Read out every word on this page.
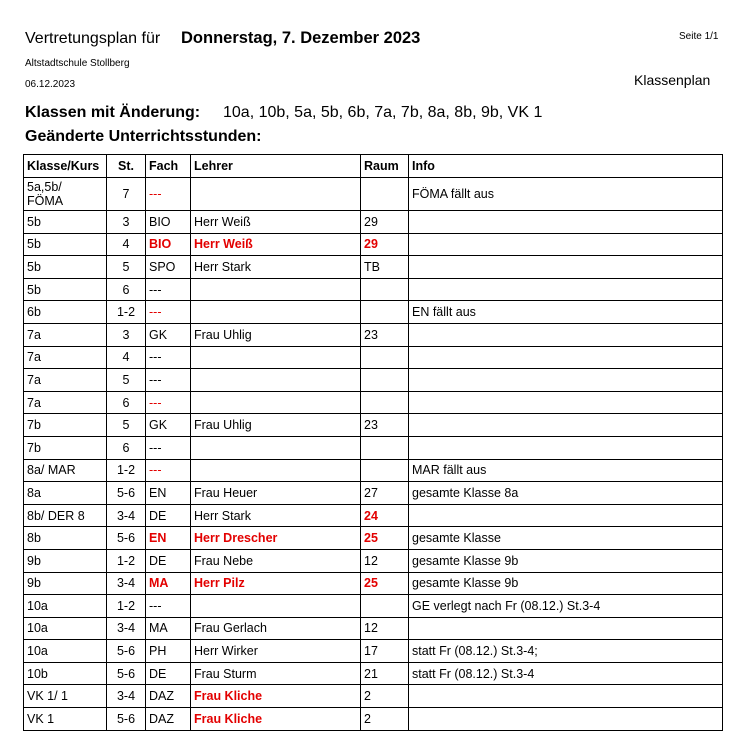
Vertretungsplan für Donnerstag, 7. Dezember 2023	Seite 1/1
Altstadtschule Stollberg
06.12.2023	Klassenplan
Klassen mit Änderung: 10a, 10b, 5a, 5b, 6b, 7a, 7b, 8a, 8b, 9b, VK 1
Geänderte Unterrichtsstunden:
Klasse/Kurs	St.	Fach	Lehrer	Raum	Info
5a,5b/
FÖMA	7	---			FÖMA fällt aus
5b	3	BIO	Herr Weiß	29	
5b	4	BIO	Herr Weiß	29	
5b	5	SPO	Herr Stark	TB	
5b	6	---			
6b	1-2	---			EN fällt aus
7a	3	GK	Frau Uhlig	23	
7a	4	---			
7a	5	---			
7a	6	---			
7b	5	GK	Frau Uhlig	23	
7b	6	---			
8a/ MAR	1-2	---			MAR fällt aus
8a	5-6	EN	Frau Heuer	27	gesamte Klasse 8a
8b/ DER 8	3-4	DE	Herr Stark	24	
8b	5-6	EN	Herr Drescher	25	gesamte Klasse
9b	1-2	DE	Frau Nebe	12	gesamte Klasse 9b
9b	3-4	MA	Herr Pilz	25	gesamte Klasse 9b
10a	1-2	---			GE verlegt nach Fr (08.12.) St.3-4
10a	3-4	MA	Frau Gerlach	12	
10a	5-6	PH	Herr Wirker	17	statt Fr (08.12.) St.3-4;
10b	5-6	DE	Frau Sturm	21	statt Fr (08.12.) St.3-4
VK 1/ 1	3-4	DAZ	Frau Kliche	2	
VK 1	5-6	DAZ	Frau Kliche	2	
